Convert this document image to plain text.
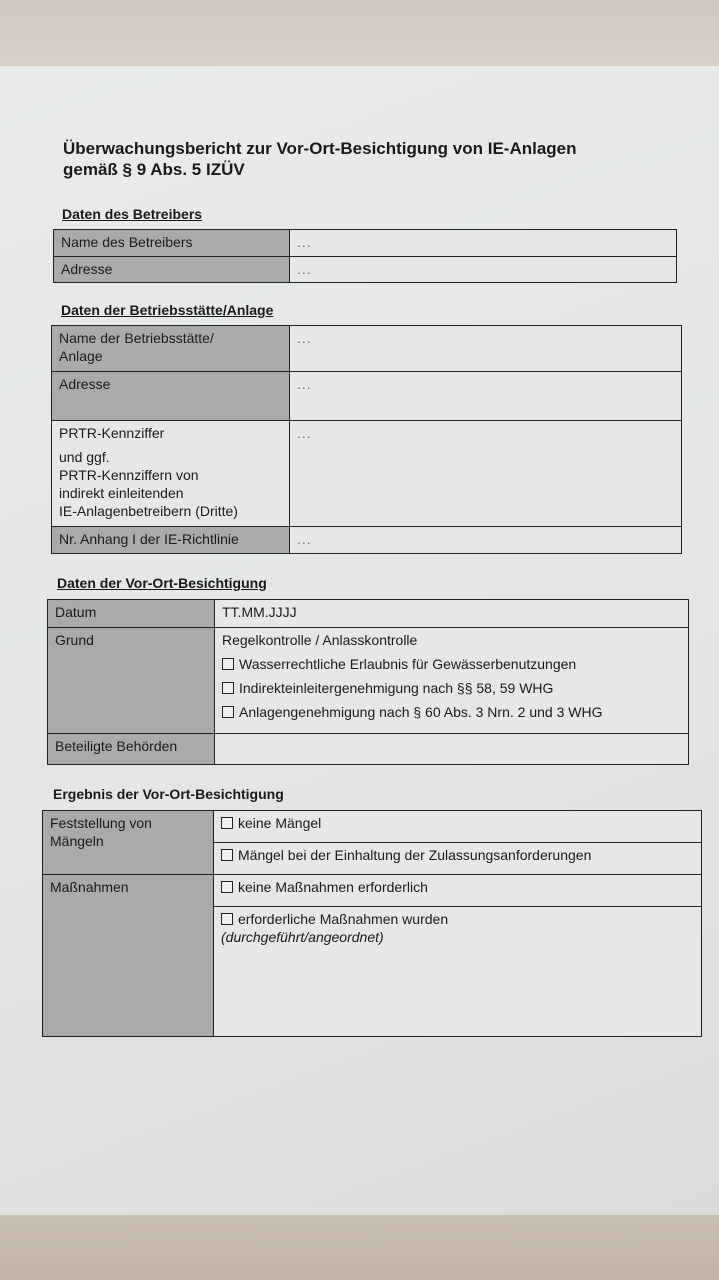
Überwachungsbericht zur Vor-Ort-Besichtigung von IE-Anlagen
gemäß § 9 Abs. 5 IZÜV
Daten des Betreibers
Name des Betreibers	...
Adresse	...
Daten der Betriebsstätte/Anlage
Name der Betriebsstätte/
Anlage	...
Adresse	...

PRTR-Kennziffer
und ggf.
PRTR-Kennziffern von
indirekt einleitenden
IE-Anlagenbetreibern (Dritte)	...
Nr. Anhang I der IE-Richtlinie	...
Daten der Vor-Ort-Besichtigung
Datum	TT.MM.JJJJ
Grund	Regelkontrolle / Anlasskontrolle
Wasserrechtliche Erlaubnis für Gewässerbenutzungen
Indirekteinleitergenehmigung nach §§ 58, 59 WHG
Anlagengenehmigung nach § 60 Abs. 3 Nrn. 2 und 3 WHG

Beteiligte Behörden	
Ergebnis der Vor-Ort-Besichtigung
Feststellung von
Mängeln	keine Mängel
	Mängel bei der Einhaltung der Zulassungsanforderungen
Maßnahmen	keine Maßnahmen erforderlich
	erforderliche Maßnahmen wurden
(durchgeführt/angeordnet)
